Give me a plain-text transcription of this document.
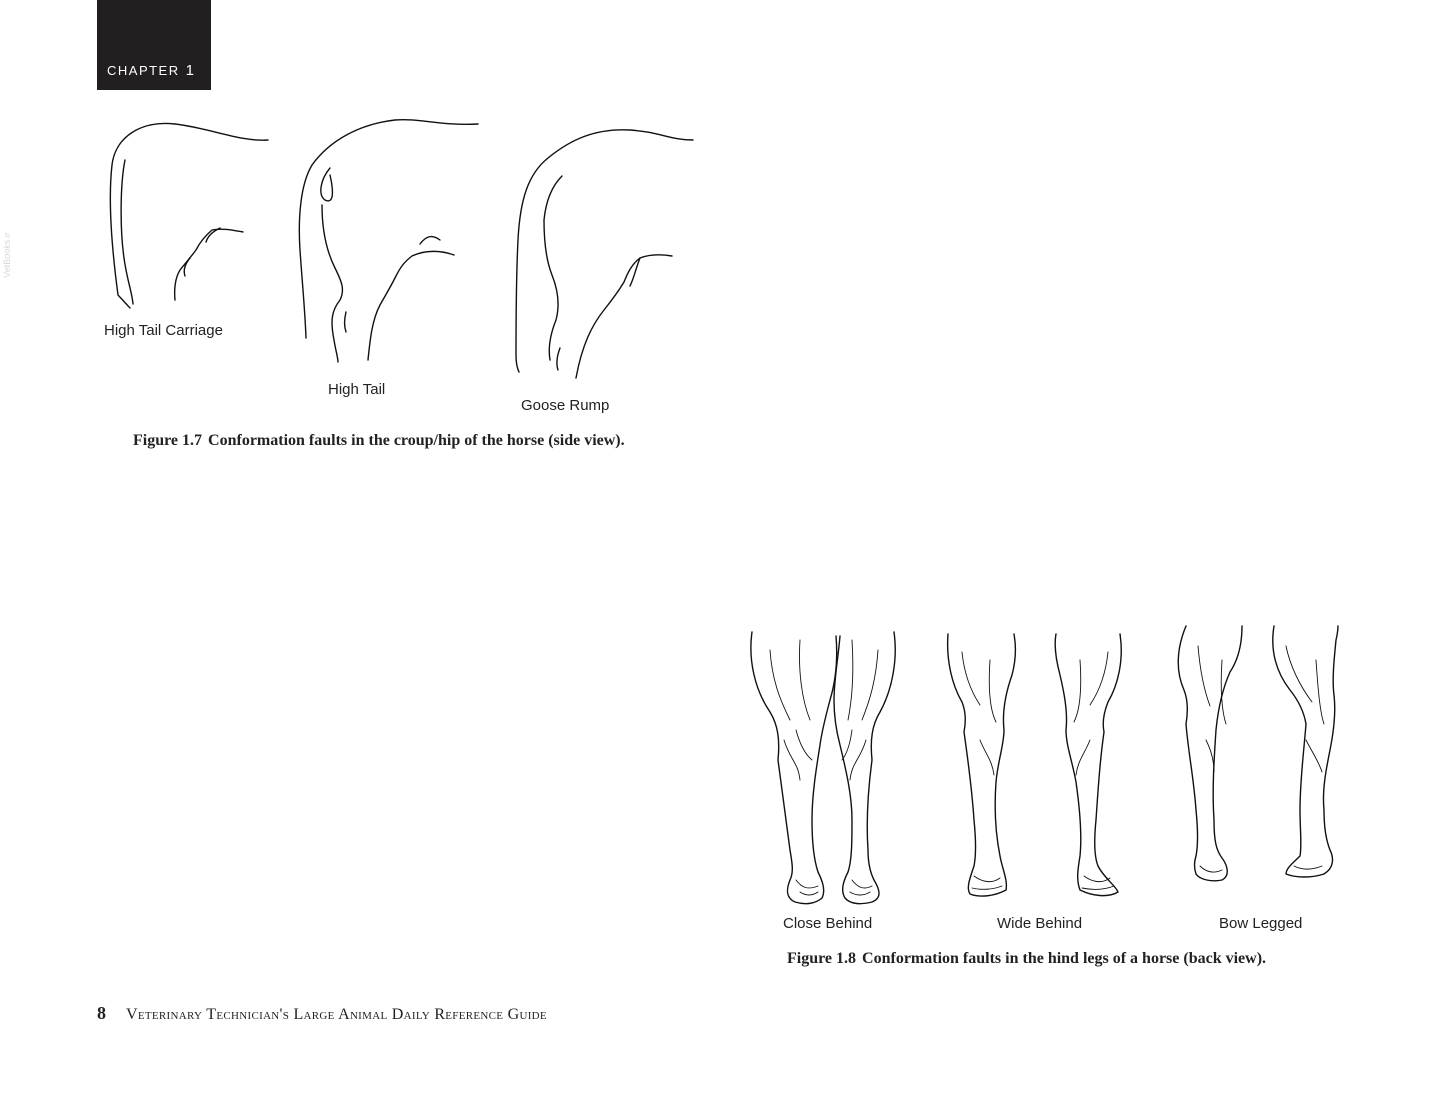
CHAPTER 1
VetBooks.ir
High Tail Carriage
High Tail
Goose Rump
Figure 1.7 Conformation faults in the croup/hip of the horse (side view).
Close Behind	Wide Behind	Bow Legged
Figure 1.8 Conformation faults in the hind legs of a horse (back view).
8 Veterinary Technician's Large Animal Daily Reference Guide
